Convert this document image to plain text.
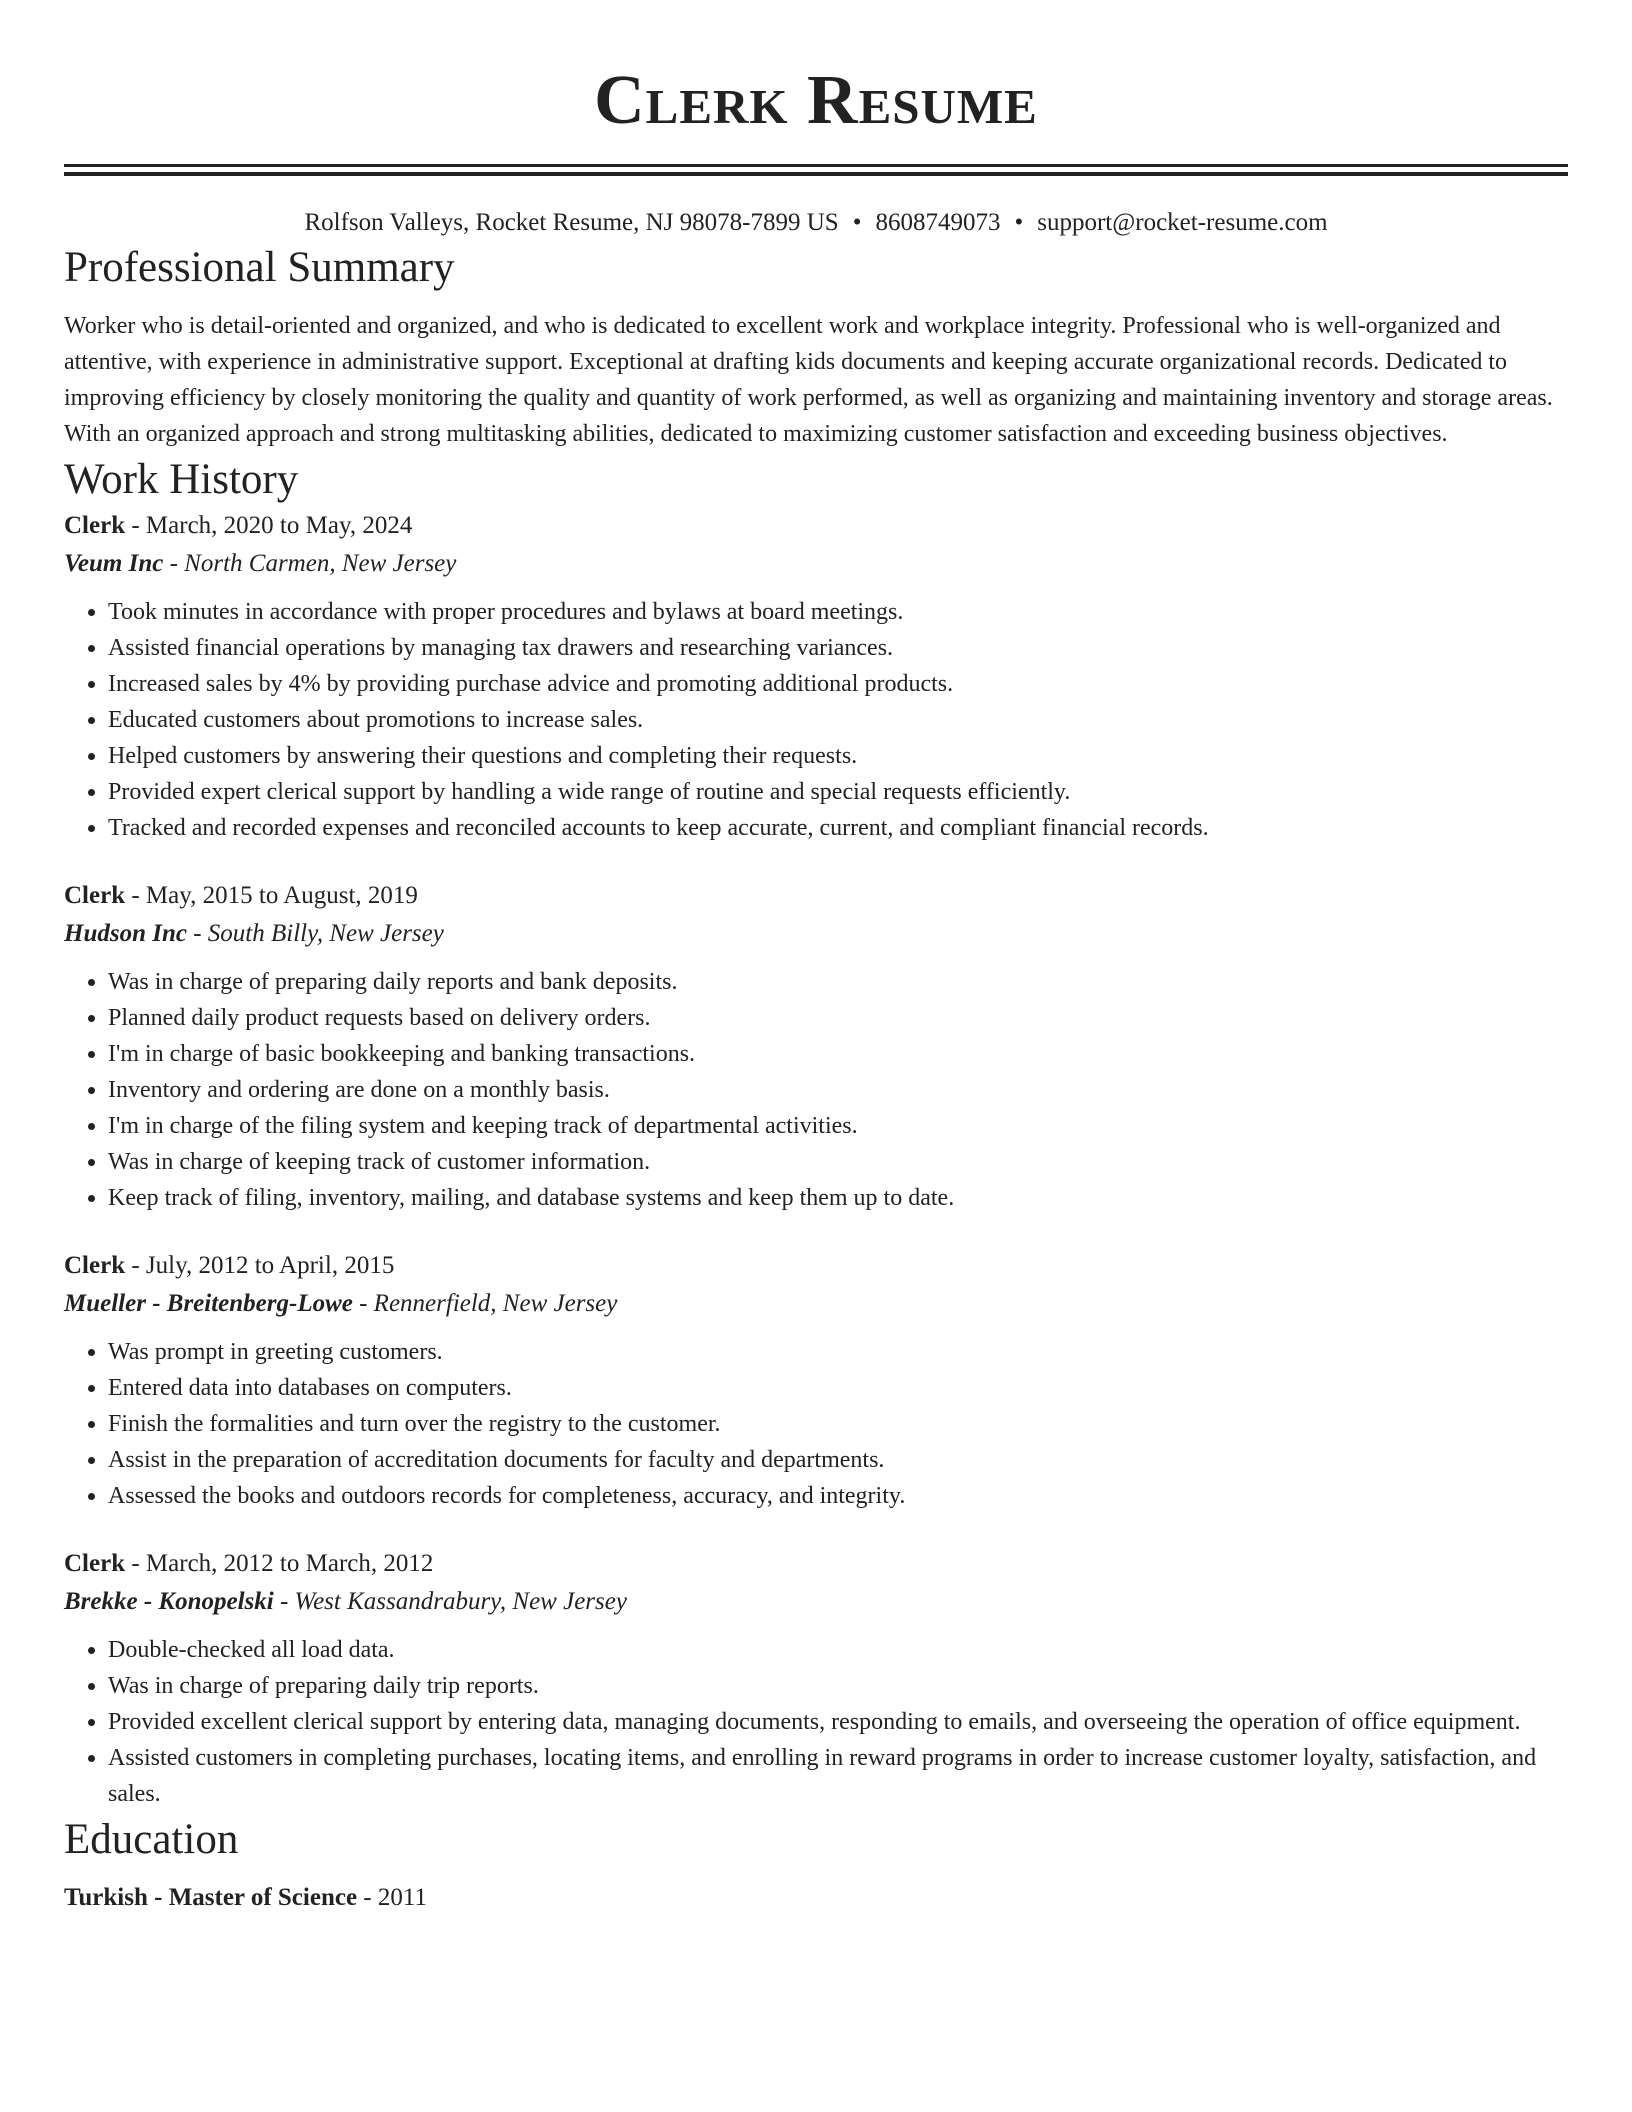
Clerk Resume
Rolfson Valleys, Rocket Resume, NJ 98078-7899 US • 8608749073 • support@rocket-resume.com
Professional Summary

Worker who is detail-oriented and organized, and who is dedicated to excellent work and workplace integrity. Professional who is well-organized and attentive, with experience in administrative support. Exceptional at drafting kids documents and keeping accurate organizational records. Dedicated to improving efficiency by closely monitoring the quality and quantity of work performed, as well as organizing and maintaining inventory and storage areas. With an organized approach and strong multitasking abilities, dedicated to maximizing customer satisfaction and exceeding business objectives.

Work History

Clerk - March, 2020 to May, 2024

Veum Inc - North Carmen, New Jersey

• Took minutes in accordance with proper procedures and bylaws at board meetings.
• Assisted financial operations by managing tax drawers and researching variances.
• Increased sales by 4% by providing purchase advice and promoting additional products.
• Educated customers about promotions to increase sales.
• Helped customers by answering their questions and completing their requests.
• Provided expert clerical support by handling a wide range of routine and special requests efficiently.
• Tracked and recorded expenses and reconciled accounts to keep accurate, current, and compliant financial records.

Clerk - May, 2015 to August, 2019

Hudson Inc - South Billy, New Jersey

• Was in charge of preparing daily reports and bank deposits.
• Planned daily product requests based on delivery orders.
• I'm in charge of basic bookkeeping and banking transactions.
• Inventory and ordering are done on a monthly basis.
• I'm in charge of the filing system and keeping track of departmental activities.
• Was in charge of keeping track of customer information.
• Keep track of filing, inventory, mailing, and database systems and keep them up to date.

Clerk - July, 2012 to April, 2015

Mueller - Breitenberg-Lowe - Rennerfield, New Jersey

• Was prompt in greeting customers.
• Entered data into databases on computers.
• Finish the formalities and turn over the registry to the customer.
• Assist in the preparation of accreditation documents for faculty and departments.
• Assessed the books and outdoors records for completeness, accuracy, and integrity.

Clerk - March, 2012 to March, 2012

Brekke - Konopelski - West Kassandrabury, New Jersey

• Double-checked all load data.
• Was in charge of preparing daily trip reports.
• Provided excellent clerical support by entering data, managing documents, responding to emails, and overseeing the operation of office equipment.
• Assisted customers in completing purchases, locating items, and enrolling in reward programs in order to increase customer loyalty, satisfaction, and sales.
Education

Turkish - Master of Science - 2011
